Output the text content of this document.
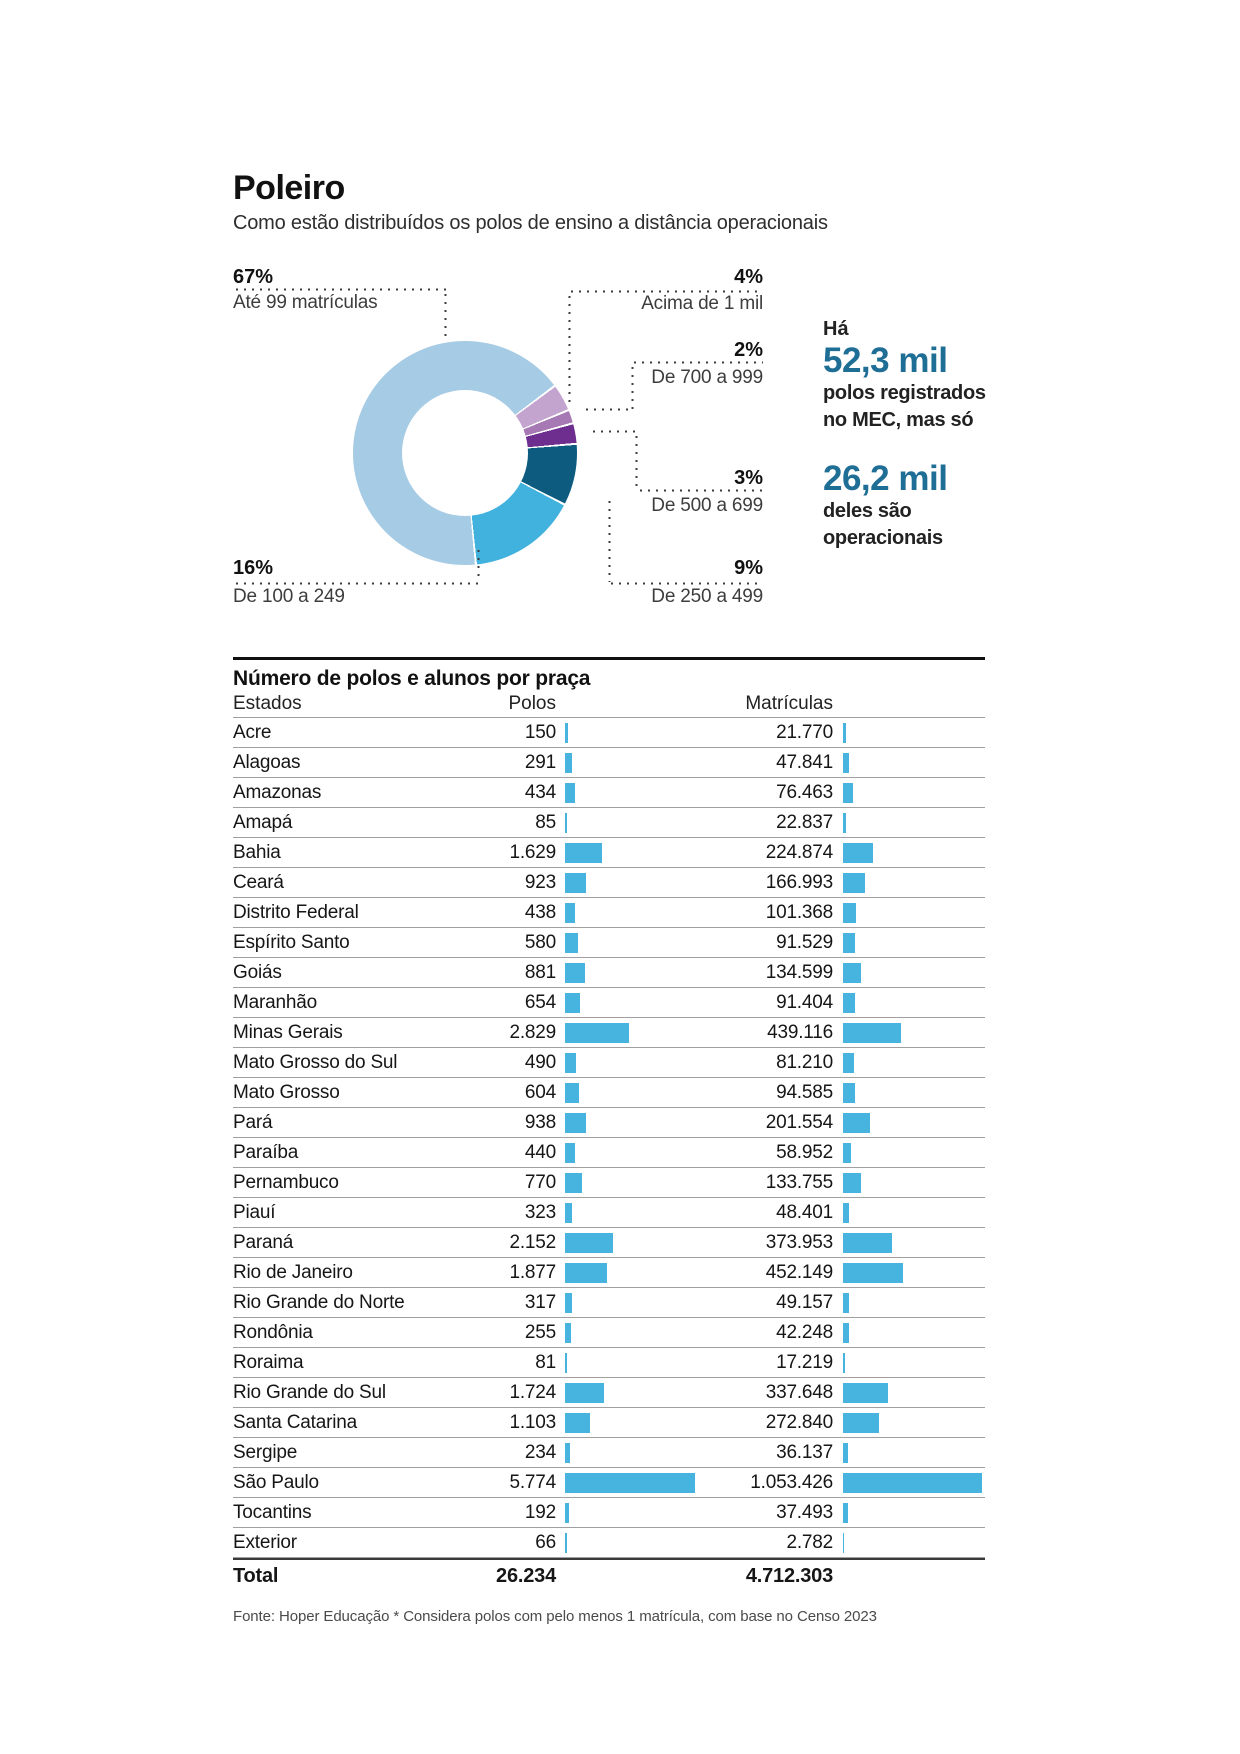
Poleiro

Como estão distribuídos os polos de ensino a distância operacionais

67%
Até 99 matrículas
4%
Acima de 1 mil
2%
De 700 a 999
3%
De 500 a 699
9%
De 250 a 499
16%
De 100 a 249
Há
52,3 mil
polos registrados
no MEC, mas só
26,2 mil
deles são
operacionais
Número de polos e alunos por praça
Estados	Polos	Matrículas
Acre	150	21.770
Alagoas	291	47.841
Amazonas	434	76.463
Amapá	85	22.837
Bahia	1.629	224.874
Ceará	923	166.993
Distrito Federal	438	101.368
Espírito Santo	580	91.529
Goiás	881	134.599
Maranhão	654	91.404
Minas Gerais	2.829	439.116
Mato Grosso do Sul	490	81.210
Mato Grosso	604	94.585
Pará	938	201.554
Paraíba	440	58.952
Pernambuco	770	133.755
Piauí	323	48.401
Paraná	2.152	373.953
Rio de Janeiro	1.877	452.149
Rio Grande do Norte	317	49.157
Rondônia	255	42.248
Roraima	81	17.219
Rio Grande do Sul	1.724	337.648
Santa Catarina	1.103	272.840
Sergipe	234	36.137
São Paulo	5.774	1.053.426
Tocantins	192	37.493
Exterior	66	2.782
Total	26.234	4.712.303
Fonte: Hoper Educação * Considera polos com pelo menos 1 matrícula, com base no Censo 2023
